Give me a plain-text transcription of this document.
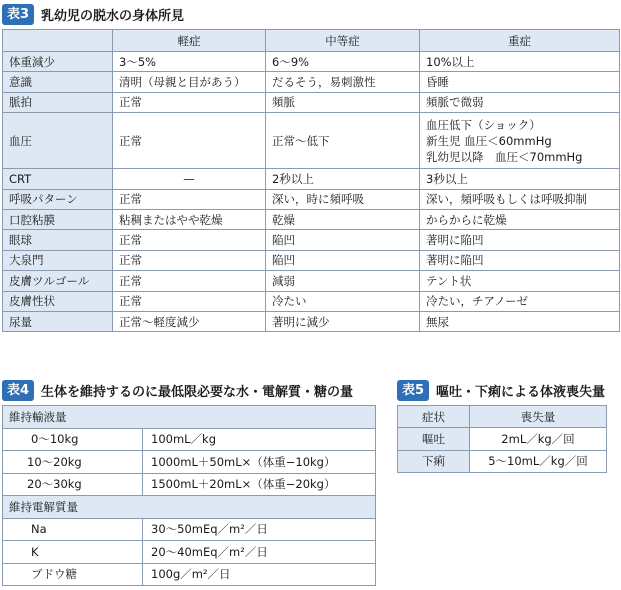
表3 乳幼児の脱水の身体所見
	軽症	中等症	重症
体重減少	3〜5%	6〜9%	10%以上
意識	清明（母親と目があう）	だるそう，易刺激性	昏睡
脈拍	正常	頻脈	頻脈で微弱
血圧	正常	正常〜低下	血圧低下（ショック）
新生児 血圧＜60mmHg
乳幼児以降　血圧＜70mmHg

CRT	—	2秒以上	3秒以上
呼吸パターン	正常	深い，時に頻呼吸	深い，頻呼吸もしくは呼吸抑制
口腔粘膜	粘稠またはやや乾燥	乾燥	からからに乾燥
眼球	正常	陥凹	著明に陥凹
大泉門	正常	陥凹	著明に陥凹
皮膚ツルゴール	正常	減弱	テント状
皮膚性状	正常	冷たい	冷たい，チアノーゼ
尿量	正常〜軽度減少	著明に減少	無尿
表4 生体を維持するのに最低限必要な水・電解質・糖の量
維持輸液量	
0〜10kg	100mL／kg
10〜20kg	1000mL＋50mL×（体重−10kg）
20〜30kg	1500mL＋20mL×（体重−20kg）
維持電解質量	
Na	30〜50mEq／m²／日
K	20〜40mEq／m²／日
ブドウ糖	100g／m²／日
表5 嘔吐・下痢による体液喪失量
症状	喪失量
嘔吐	2mL／kg／回
下痢	5〜10mL／kg／回
